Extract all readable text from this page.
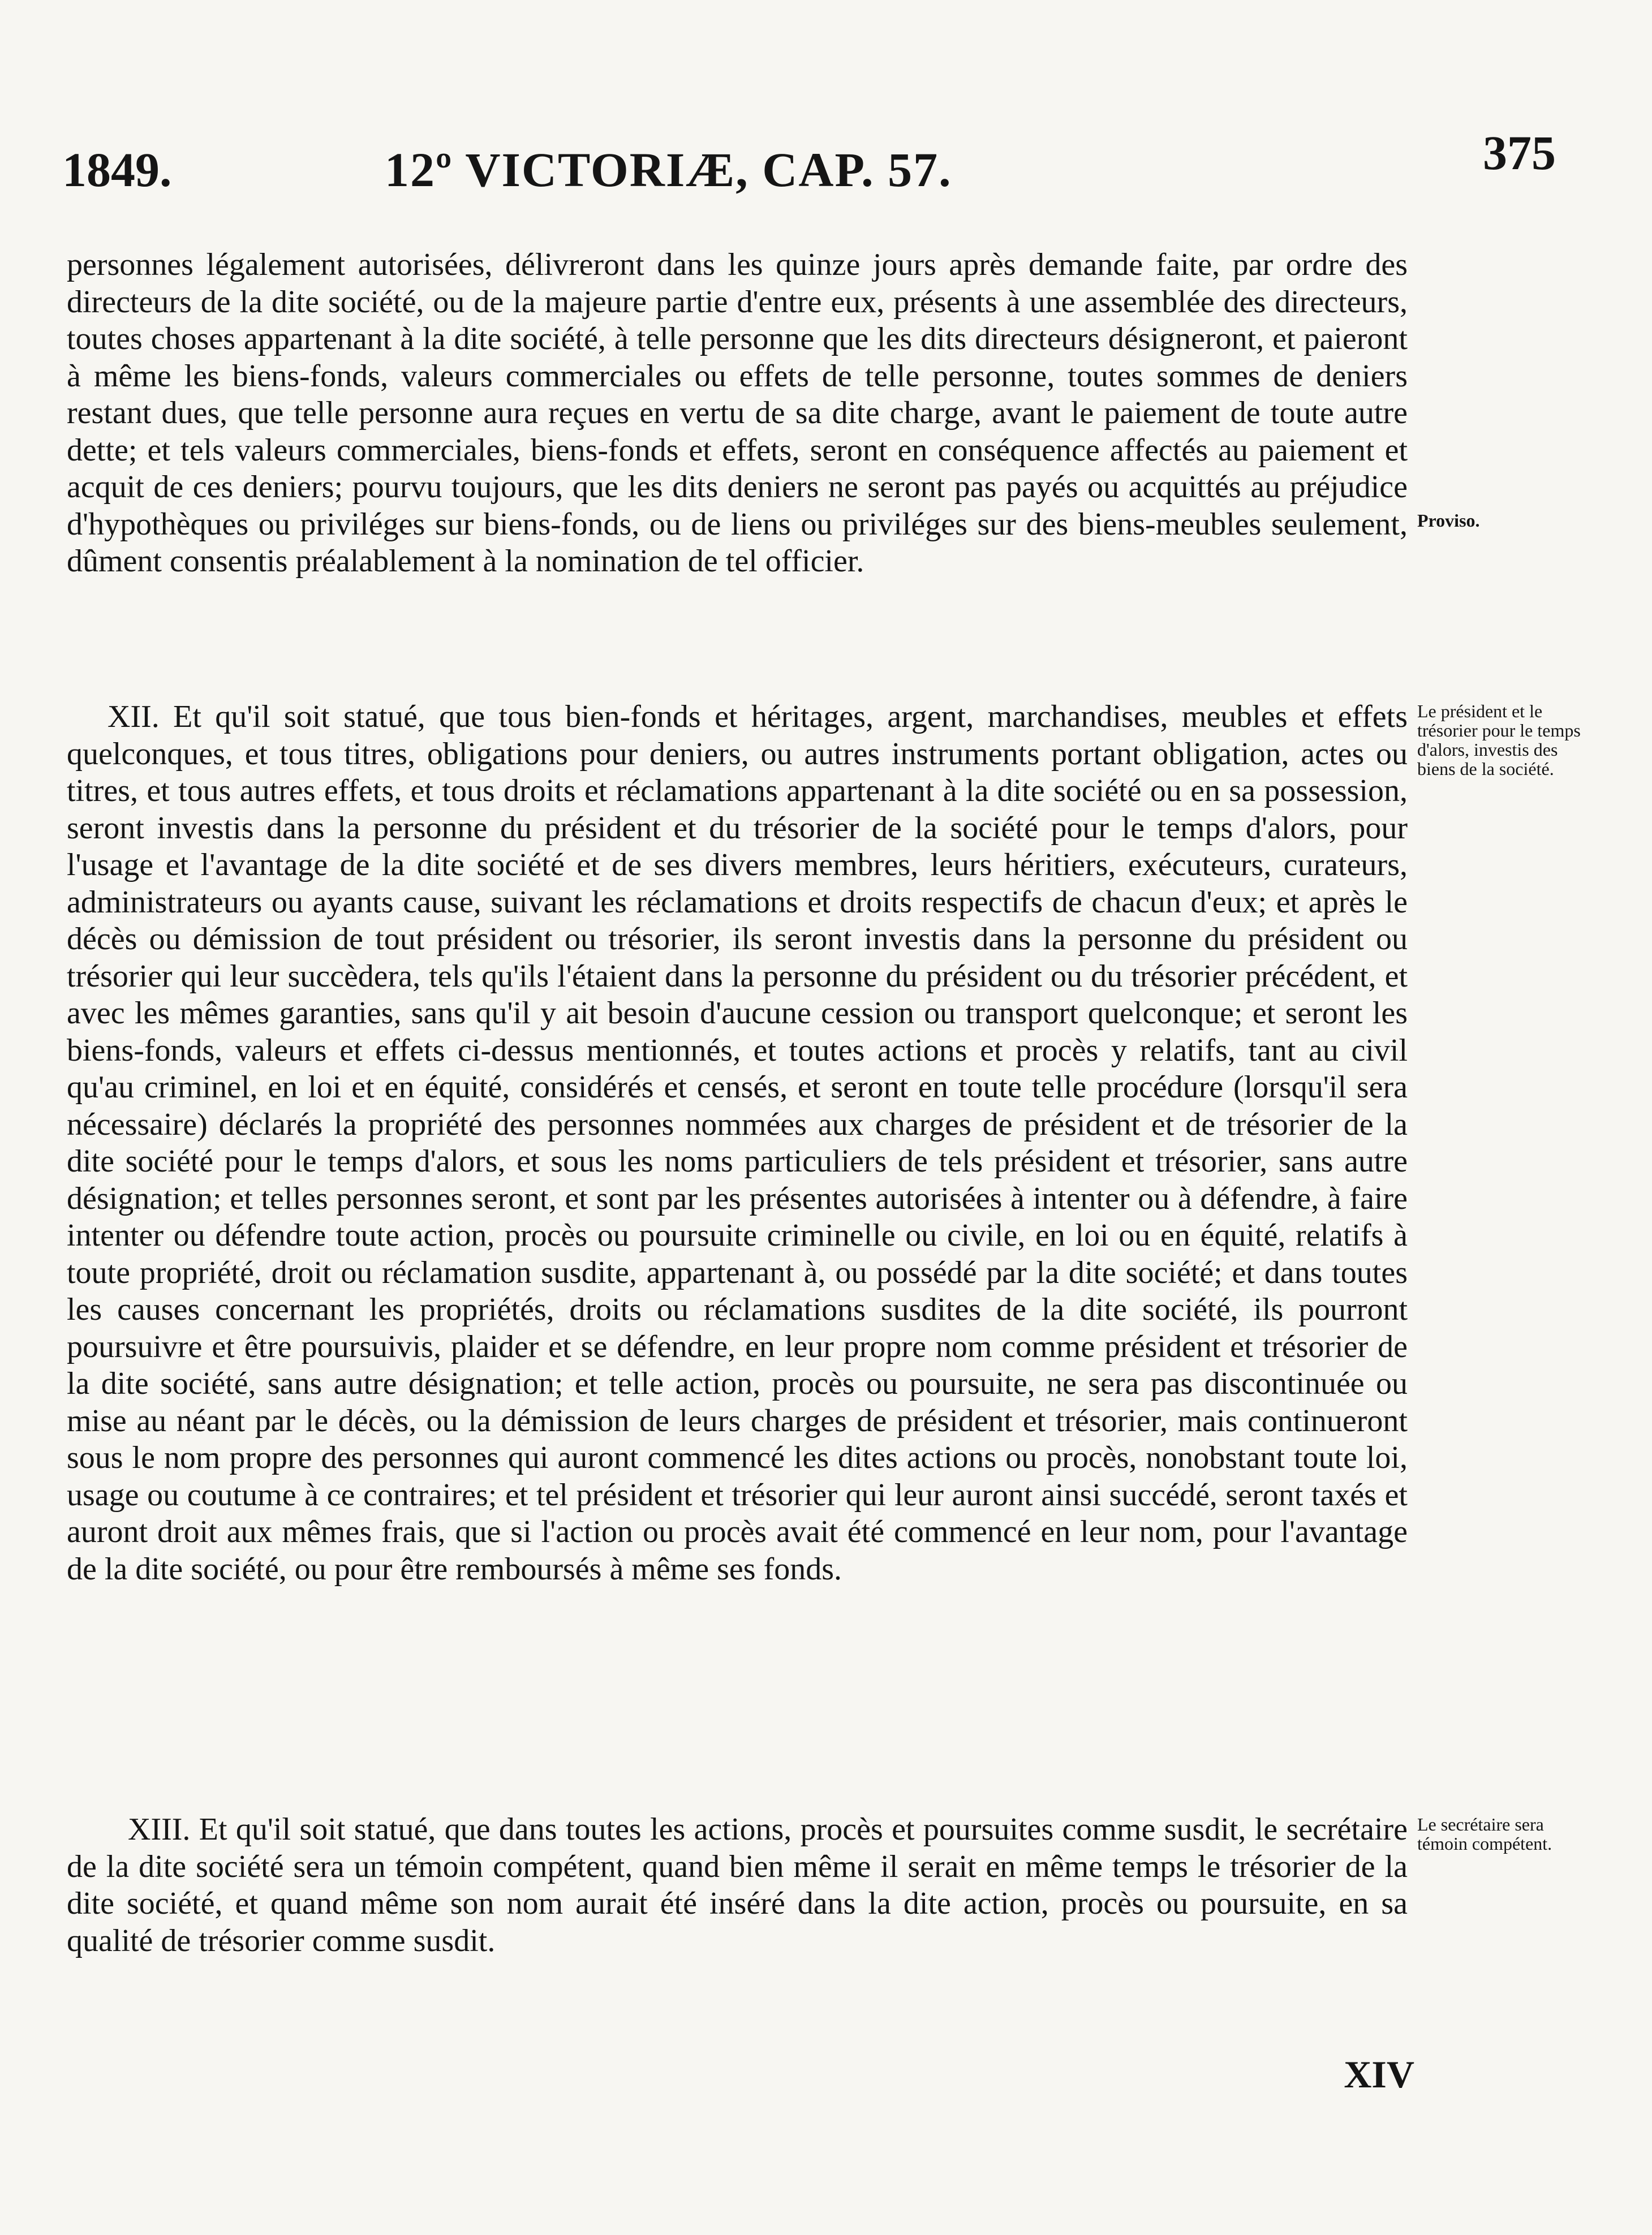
1849.	12º VICTORIÆ, CAP. 57.	375

personnes légalement autorisées, délivreront dans les quinze jours après demande faite, par ordre des directeurs de la dite société, ou de la majeure partie d'entre eux, présents à une assemblée des directeurs, toutes choses appartenant à la dite société, à telle personne que les dits directeurs désigneront, et paieront à même les biens-fonds, valeurs commerciales ou effets de telle personne, toutes sommes de deniers restant dues, que telle personne aura reçues en vertu de sa dite charge, avant le paiement de toute autre dette; et tels valeurs commerciales, biens-fonds et effets, seront en conséquence affectés au paiement et acquit de ces deniers; pourvu toujours, que les dits deniers ne seront pas payés ou acquittés au préjudice d'hypothèques ou priviléges sur biens-fonds, ou de liens ou priviléges sur des biens-meubles seulement, dûment consentis préalablement à la nomination de tel officier.

Proviso.

XII. Et qu'il soit statué, que tous bien-fonds et héritages, argent, marchandises, meubles et effets quelconques, et tous titres, obligations pour deniers, ou autres instruments portant obligation, actes ou titres, et tous autres effets, et tous droits et réclamations appartenant à la dite société ou en sa possession, seront investis dans la personne du président et du trésorier de la société pour le temps d'alors, pour l'usage et l'avantage de la dite société et de ses divers membres, leurs héritiers, exécuteurs, curateurs, administrateurs ou ayants cause, suivant les réclamations et droits respectifs de chacun d'eux; et après le décès ou démission de tout président ou trésorier, ils seront investis dans la personne du président ou trésorier qui leur succèdera, tels qu'ils l'étaient dans la personne du président ou du trésorier précédent, et avec les mêmes garanties, sans qu'il y ait besoin d'aucune cession ou transport quelconque; et seront les biens-fonds, valeurs et effets ci-dessus mentionnés, et toutes actions et procès y relatifs, tant au civil qu'au criminel, en loi et en équité, considérés et censés, et seront en toute telle procédure (lorsqu'il sera nécessaire) déclarés la propriété des personnes nommées aux charges de président et de trésorier de la dite société pour le temps d'alors, et sous les noms particuliers de tels président et trésorier, sans autre désignation; et telles personnes seront, et sont par les présentes autorisées à intenter ou à défendre, à faire intenter ou défendre toute action, procès ou poursuite criminelle ou civile, en loi ou en équité, relatifs à toute propriété, droit ou réclamation susdite, appartenant à, ou possédé par la dite société; et dans toutes les causes concernant les propriétés, droits ou réclamations susdites de la dite société, ils pourront poursuivre et être poursuivis, plaider et se défendre, en leur propre nom comme président et trésorier de la dite société, sans autre désignation; et telle action, procès ou poursuite, ne sera pas discontinuée ou mise au néant par le décès, ou la démission de leurs charges de président et trésorier, mais continueront sous le nom propre des personnes qui auront commencé les dites actions ou procès, nonobstant toute loi, usage ou coutume à ce contraires; et tel président et trésorier qui leur auront ainsi succédé, seront taxés et auront droit aux mêmes frais, que si l'action ou procès avait été commencé en leur nom, pour l'avantage de la dite société, ou pour être remboursés à même ses fonds.

Le président et le trésorier pour le temps d'alors, investis des biens de la société.

XIII. Et qu'il soit statué, que dans toutes les actions, procès et poursuites comme susdit, le secrétaire de la dite société sera un témoin compétent, quand bien même il serait en même temps le trésorier de la dite société, et quand même son nom aurait été inséré dans la dite action, procès ou poursuite, en sa qualité de trésorier comme susdit.

Le secrétaire sera témoin compétent.
XIV
